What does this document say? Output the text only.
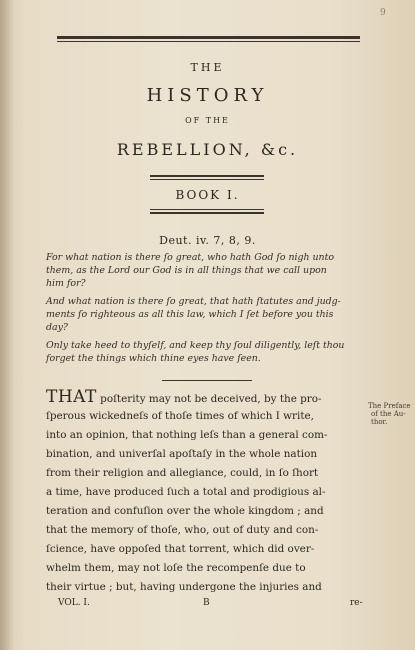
9
THE
HISTORY
OF THE
REBELLION, &c.
BOOK I.
Deut. iv. 7, 8, 9.
For what nation is there ſo great, who hath God ſo nigh unto
them, as the Lord our God is in all things that we call upon
him for?
And what nation is there ſo great, that hath ſtatutes and judg-
ments ſo righteous as all this law, which I ſet before you this
day?
Only take heed to thyſelf, and keep thy ſoul diligently, leſt thou
forget the things which thine eyes have ſeen.
THAT poſterity may not be deceived, by the pro-
ſperous wickedneſs of thoſe times of which I write,
into an opinion, that nothing leſs than a general com-
bination, and univerſal apoſtaſy in the whole nation
from their religion and allegiance, could, in ſo ſhort
a time, have produced ſuch a total and prodigious al-
teration and confuſion over the whole kingdom ; and
that the memory of thoſe, who, out of duty and con-
ſcience, have oppoſed that torrent, which did over-
whelm them, may not loſe the recompenſe due to
their virtue ; but, having undergone the injuries and
The Preface
of the Au-
thor.
VOL. I.	B	re-
